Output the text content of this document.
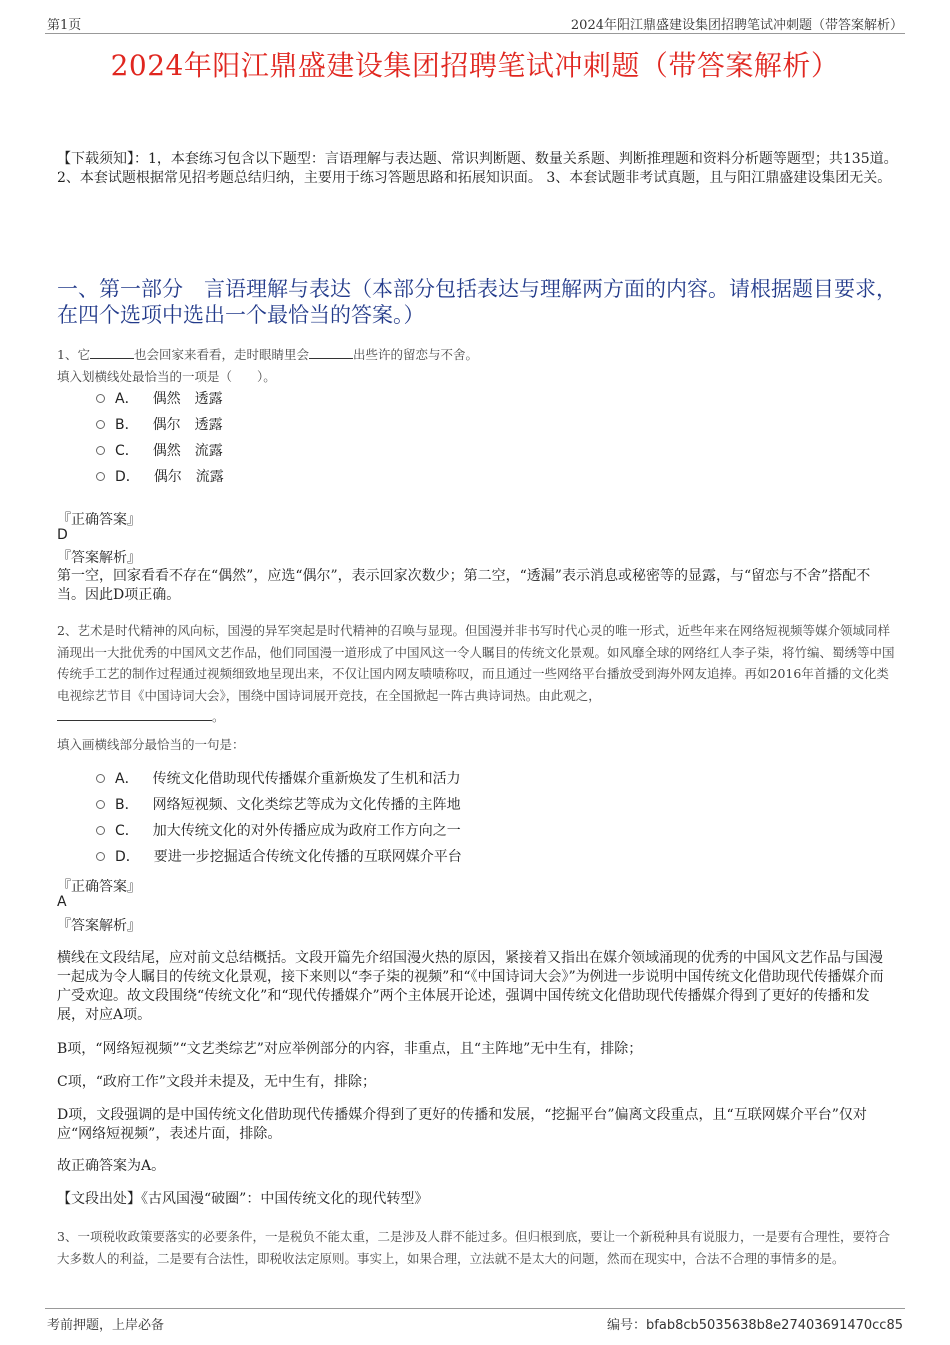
第1页	2024年阳江鼎盛建设集团招聘笔试冲刺题（带答案解析）
2024年阳江鼎盛建设集团招聘笔试冲刺题（带答案解析）
【下载须知】：1，本套练习包含以下题型：言语理解与表达题、常识判断题、数量关系题、判断推理题和资料分析题等题型；共135道。 2、本套试题根据常见招考题总结归纳，主要用于练习答题思路和拓展知识面。 3、本套试题非考试真题，且与阳江鼎盛建设集团无关。
一、第一部分　言语理解与表达（本部分包括表达与理解两方面的内容。请根据题目要求，在四个选项中选出一个最恰当的答案。）
1、它	也会回家来看看，走时眼睛里会	出些许的留恋与不舍。
填入划横线处最恰当的一项是（　　）。
A． 偶然　透露
B． 偶尔　透露
C． 偶然　流露
D． 偶尔　流露
『正确答案』
D
『答案解析』
第一空，回家看看不存在“偶然”，应选“偶尔”，表示回家次数少；第二空，“透漏”表示消息或秘密等的显露，与“留恋与不舍”搭配不当。因此D项正确。
2、艺术是时代精神的风向标，国漫的异军突起是时代精神的召唤与显现。但国漫并非书写时代心灵的唯一形式，近些年来在网络短视频等媒介领域同样涌现出一大批优秀的中国风文艺作品，他们同国漫一道形成了中国风这一令人瞩目的传统文化景观。如风靡全球的网络红人李子柒，将竹编、蜀绣等中国传统手工艺的制作过程通过视频细致地呈现出来，不仅让国内网友啧啧称叹，而且通过一些网络平台播放受到海外网友追捧。再如2016年首播的文化类电视综艺节目《中国诗词大会》，围绕中国诗词展开竞技，在全国掀起一阵古典诗词热。由此观之，
。
填入画横线部分最恰当的一句是：
A． 传统文化借助现代传播媒介重新焕发了生机和活力
B． 网络短视频、文化类综艺等成为文化传播的主阵地
C． 加大传统文化的对外传播应成为政府工作方向之一
D． 要进一步挖掘适合传统文化传播的互联网媒介平台
『正确答案』
A
『答案解析』
横线在文段结尾，应对前文总结概括。文段开篇先介绍国漫火热的原因，紧接着又指出在媒介领域涌现的优秀的中国风文艺作品与国漫一起成为令人瞩目的传统文化景观，接下来则以“李子柒的视频”和“《中国诗词大会》”为例进一步说明中国传统文化借助现代传播媒介而广受欢迎。故文段围绕“传统文化”和“现代传播媒介”两个主体展开论述，强调中国传统文化借助现代传播媒介得到了更好的传播和发展，对应A项。
B项，“网络短视频”“文艺类综艺”对应举例部分的内容，非重点，且“主阵地”无中生有，排除；
C项，“政府工作”文段并未提及，无中生有，排除；
D项，文段强调的是中国传统文化借助现代传播媒介得到了更好的传播和发展，“挖掘平台”偏离文段重点，且“互联网媒介平台”仅对应“网络短视频”，表述片面，排除。
故正确答案为A。
【文段出处】《古风国漫“破圈”：中国传统文化的现代转型》
3、一项税收政策要落实的必要条件，一是税负不能太重，二是涉及人群不能过多。但归根到底，要让一个新税种具有说服力，一是要有合理性，要符合大多数人的利益，二是要有合法性，即税收法定原则。事实上，如果合理，立法就不是太大的问题，然而在现实中，合法不合理的事情多的是。
考前押题，上岸必备	编号：bfab8cb5035638b8e27403691470cc85
